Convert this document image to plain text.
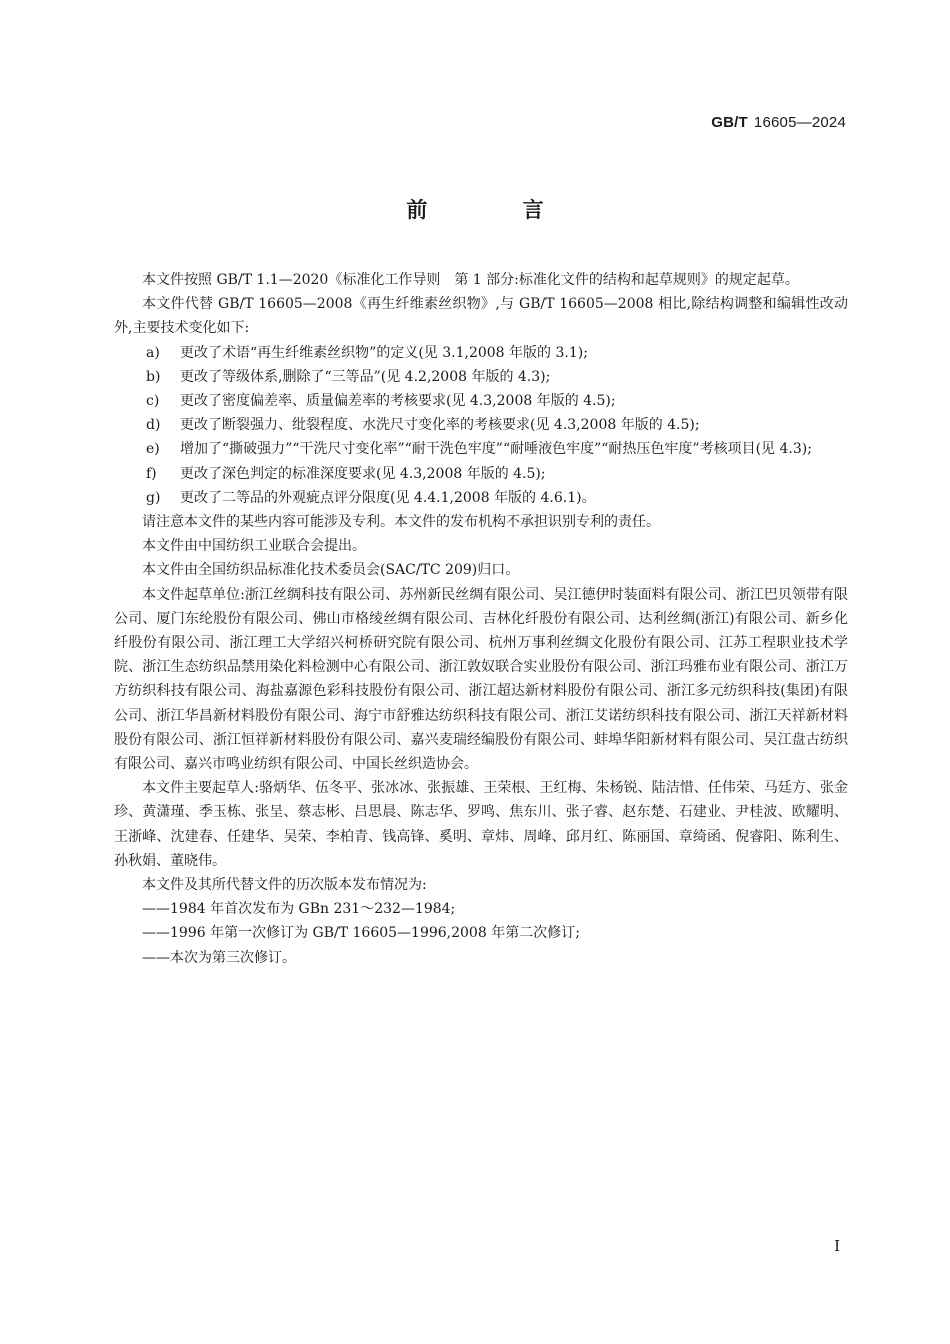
GB/T 16605—2024
前 言

本文件按照 GB/T 1.1—2020《标准化工作导则　第 1 部分:标准化文件的结构和起草规则》的规定起草。

本文件代替 GB/T 16605—2008《再生纤维素丝织物》,与 GB/T 16605—2008 相比,除结构调整和编辑性改动外,主要技术变化如下:

a) 更改了术语“再生纤维素丝织物”的定义(见 3.1,2008 年版的 3.1);
b) 更改了等级体系,删除了“三等品”(见 4.2,2008 年版的 4.3);
c) 更改了密度偏差率、质量偏差率的考核要求(见 4.3,2008 年版的 4.5);
d) 更改了断裂强力、纰裂程度、水洗尺寸变化率的考核要求(见 4.3,2008 年版的 4.5);
e) 增加了“撕破强力”“干洗尺寸变化率”“耐干洗色牢度”“耐唾液色牢度”“耐热压色牢度”考核项目(见 4.3);
f) 更改了深色判定的标准深度要求(见 4.3,2008 年版的 4.5);
g) 更改了二等品的外观疵点评分限度(见 4.4.1,2008 年版的 4.6.1)。

请注意本文件的某些内容可能涉及专利。本文件的发布机构不承担识别专利的责任。

本文件由中国纺织工业联合会提出。

本文件由全国纺织品标准化技术委员会(SAC/TC 209)归口。

本文件起草单位:浙江丝绸科技有限公司、苏州新民丝绸有限公司、吴江德伊时装面料有限公司、浙江巴贝领带有限公司、厦门东纶股份有限公司、佛山市格绫丝绸有限公司、吉林化纤股份有限公司、达利丝绸(浙江)有限公司、新乡化纤股份有限公司、浙江理工大学绍兴柯桥研究院有限公司、杭州万事利丝绸文化股份有限公司、江苏工程职业技术学院、浙江生态纺织品禁用染化料检测中心有限公司、浙江敦奴联合实业股份有限公司、浙江玛雅布业有限公司、浙江万方纺织科技有限公司、海盐嘉源色彩科技股份有限公司、浙江超达新材料股份有限公司、浙江多元纺织科技(集团)有限公司、浙江华昌新材料股份有限公司、海宁市舒雅达纺织科技有限公司、浙江艾诺纺织科技有限公司、浙江天祥新材料股份有限公司、浙江恒祥新材料股份有限公司、嘉兴麦瑞经编股份有限公司、蚌埠华阳新材料有限公司、吴江盘古纺织有限公司、嘉兴市鸣业纺织有限公司、中国长丝织造协会。

本文件主要起草人:骆炳华、伍冬平、张冰冰、张振雄、王荣根、王红梅、朱杨锐、陆洁惜、任伟荣、马廷方、张金珍、黄潇瑾、季玉栋、张呈、蔡志彬、吕思晨、陈志华、罗鸣、焦东川、张子睿、赵东楚、石建业、尹桂波、欧耀明、王浙峰、沈建春、任建华、吴荣、李柏青、钱高锋、奚明、章炜、周峰、邱月红、陈丽国、章绮函、倪睿阳、陈利生、孙秋娟、董晓伟。

本文件及其所代替文件的历次版本发布情况为:

——1984 年首次发布为 GBn 231～232—1984;
——1996 年第一次修订为 GB/T 16605—1996,2008 年第二次修订;
——本次为第三次修订。
I
